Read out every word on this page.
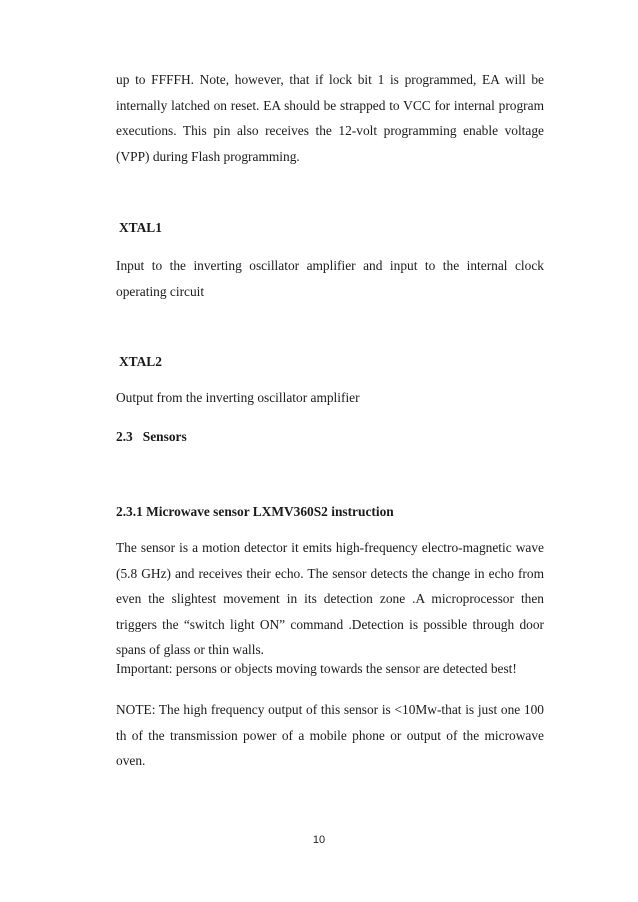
up to FFFFH. Note, however, that if lock bit 1 is programmed, EA will be internally latched on reset. EA should be strapped to VCC for internal program executions. This pin also receives the 12-volt programming enable voltage (VPP) during Flash programming.

XTAL1

Input to the inverting oscillator amplifier and input to the internal clock operating circuit

XTAL2

Output from the inverting oscillator amplifier

2.3   Sensors

2.3.1 Microwave sensor LXMV360S2 instruction

The sensor is a motion detector it emits high-frequency electro-magnetic wave (5.8 GHz) and receives their echo. The sensor detects the change in echo from even the slightest movement in its detection zone .A microprocessor then triggers the “switch light ON” command .Detection is possible through door spans of glass or thin walls.

Important: persons or objects moving towards the sensor are detected best!

NOTE: The high frequency output of this sensor is <10Mw-that is just one 100 th of the transmission power of a mobile phone or output of the microwave oven.

10
